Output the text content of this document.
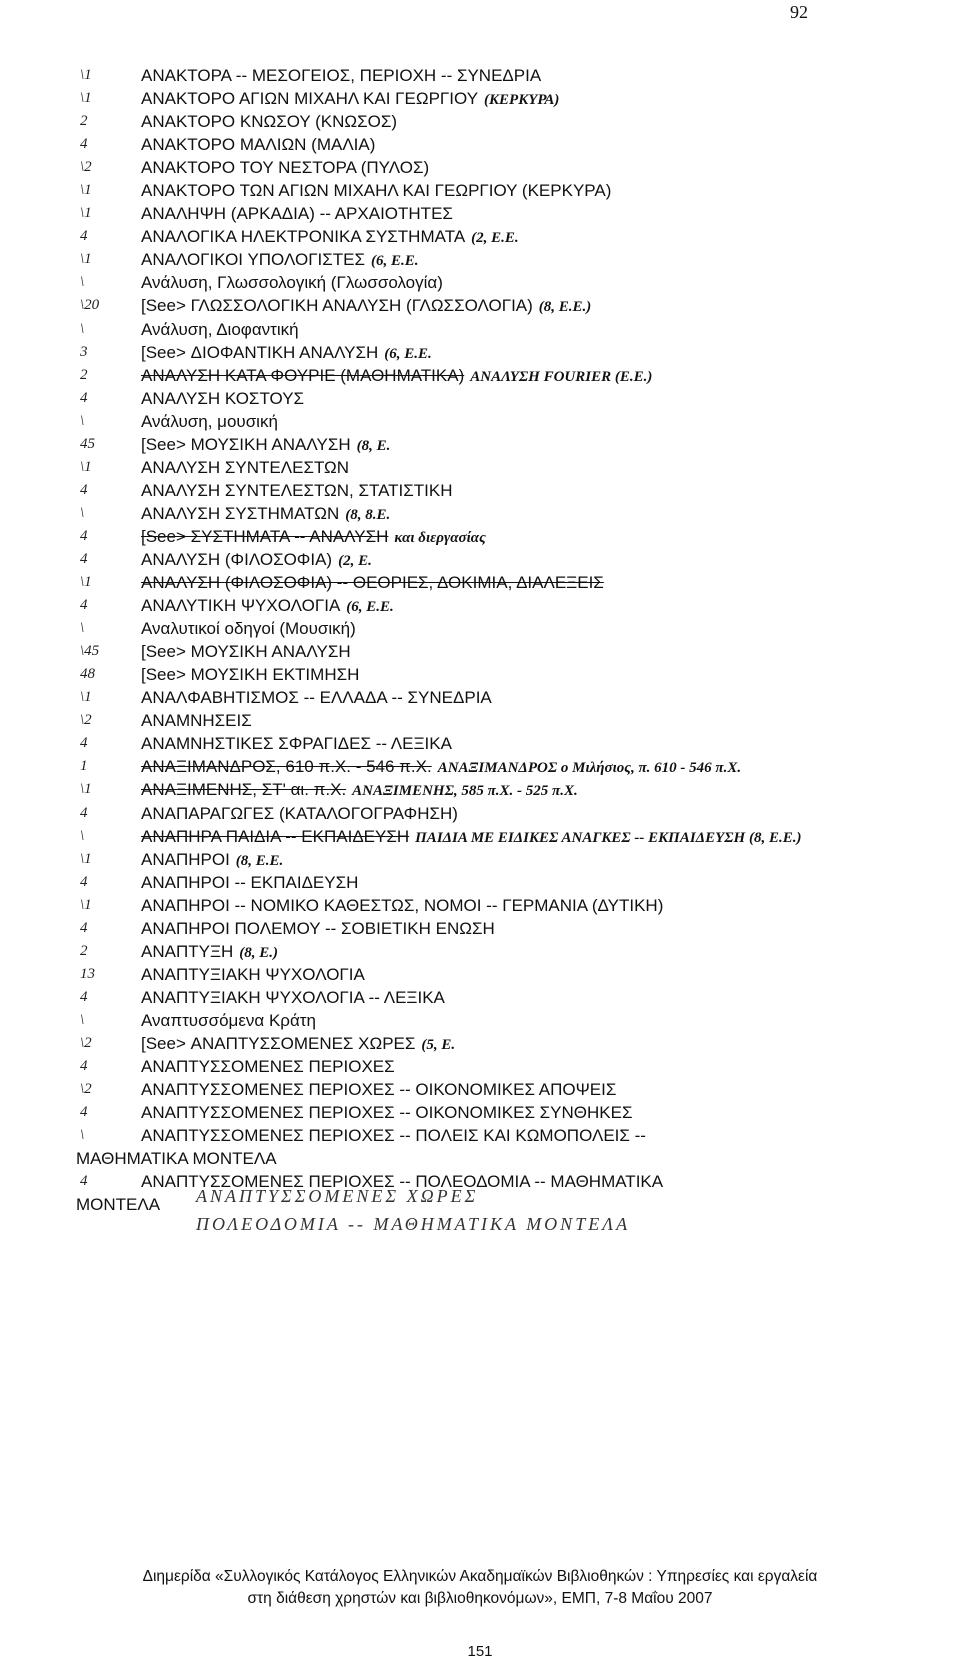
92
\1	ΑΝΑΚΤΟΡΑ -- ΜΕΣΟΓΕΙΟΣ, ΠΕΡΙΟΧΗ -- ΣΥΝΕΔΡΙΑ
\1	ΑΝΑΚΤΟΡΟ ΑΓΙΩΝ ΜΙΧΑΗΛ ΚΑΙ ΓΕΩΡΓΙΟΥ (ΚΕΡΚΥΡΑ)
2	ΑΝΑΚΤΟΡΟ ΚΝΩΣΟΥ (ΚΝΩΣΟΣ)
4	ΑΝΑΚΤΟΡΟ ΜΑΛΙΩΝ (ΜΑΛΙΑ)
\2	ΑΝΑΚΤΟΡΟ ΤΟΥ ΝΕΣΤΟΡΑ (ΠΥΛΟΣ)
\1	ΑΝΑΚΤΟΡΟ ΤΩΝ ΑΓΙΩΝ ΜΙΧΑΗΛ ΚΑΙ ΓΕΩΡΓΙΟΥ (ΚΕΡΚΥΡΑ)
\1	ΑΝΑΛΗΨΗ (ΑΡΚΑΔΙΑ) -- ΑΡΧΑΙΟΤΗΤΕΣ
4	ΑΝΑΛΟΓΙΚΑ ΗΛΕΚΤΡΟΝΙΚΑ ΣΥΣΤΗΜΑΤΑ (2, Ε.Ε.
\1	ΑΝΑΛΟΓΙΚΟΙ ΥΠΟΛΟΓΙΣΤΕΣ (6, Ε.Ε.
\	Ανάλυση, Γλωσσολογική (Γλωσσολογία)
\20	[See> ΓΛΩΣΣΟΛΟΓΙΚΗ ΑΝΑΛΥΣΗ (ΓΛΩΣΣΟΛΟΓΙΑ) (8, Ε.Ε.)
\	Ανάλυση, Διοφαντική
3	[See> ΔΙΟΦΑΝΤΙΚΗ ΑΝΑΛΥΣΗ (6, Ε.Ε.
2	ΑΝΑΛΥΣΗ ΚΑΤΑ ΦΟΥΡΙΕ (ΜΑΘΗΜΑΤΙΚΑ) ΑΝΑΛΥΣΗ FOURIER (Ε.Ε.)
4	ΑΝΑΛΥΣΗ ΚΟΣΤΟΥΣ
\	Ανάλυση, μουσική
45	[See> ΜΟΥΣΙΚΗ ΑΝΑΛΥΣΗ (8, Ε.
\1	ΑΝΑΛΥΣΗ ΣΥΝΤΕΛΕΣΤΩΝ
4	ΑΝΑΛΥΣΗ ΣΥΝΤΕΛΕΣΤΩΝ, ΣΤΑΤΙΣΤΙΚΗ
\	ΑΝΑΛΥΣΗ ΣΥΣΤΗΜΑΤΩΝ (8, 8.Ε.
4	[See> ΣΥΣΤΗΜΑΤΑ -- ΑΝΑΛΥΣΗ και διεργασίας
4	ΑΝΑΛΥΣΗ (ΦΙΛΟΣΟΦΙΑ) (2, Ε.
\1	ΑΝΑΛΥΣΗ (ΦΙΛΟΣΟΦΙΑ) -- ΘΕΟΡΙΕΣ, ΔΟΚΙΜΙΑ, ΔΙΑΛΕΞΕΙΣ
4	ΑΝΑΛΥΤΙΚΗ ΨΥΧΟΛΟΓΙΑ (6, Ε.Ε.
\	Αναλυτικοί οδηγοί (Μουσική)
\45	[See> ΜΟΥΣΙΚΗ ΑΝΑΛΥΣΗ
48	[See> ΜΟΥΣΙΚΗ ΕΚΤΙΜΗΣΗ
\1	ΑΝΑΛΦΑΒΗΤΙΣΜΟΣ -- ΕΛΛΑΔΑ -- ΣΥΝΕΔΡΙΑ
\2	ΑΝΑΜΝΗΣΕΙΣ
4	ΑΝΑΜΝΗΣΤΙΚΕΣ ΣΦΡΑΓΙΔΕΣ -- ΛΕΞΙΚΑ
1	ΑΝΑΞΙΜΑΝΔΡΟΣ, 610 π.Χ. - 546 π.Χ. ΑΝΑΞΙΜΑΝΔΡΟΣ ο Μιλήσιος, π. 610 - 546 π.Χ.
\1	ΑΝΑΞΙΜΕΝΗΣ, ΣΤ' αι. π.Χ. ΑΝΑΞΙΜΕΝΗΣ, 585 π.Χ. - 525 π.Χ.
4	ΑΝΑΠΑΡΑΓΩΓΕΣ (ΚΑΤΑΛΟΓΟΓΡΑΦΗΣΗ)
\	ΑΝΑΠΗΡΑ ΠΑΙΔΙΑ -- ΕΚΠΑΙΔΕΥΣΗ ΠΑΙΔΙΑ ΜΕ ΕΙΔΙΚΕΣ ΑΝΑΓΚΕΣ -- ΕΚΠΑΙΔΕΥΣΗ (8, Ε.Ε.)
\1	ΑΝΑΠΗΡΟΙ (8, Ε.Ε.
4	ΑΝΑΠΗΡΟΙ -- ΕΚΠΑΙΔΕΥΣΗ
\1	ΑΝΑΠΗΡΟΙ -- ΝΟΜΙΚΟ ΚΑΘΕΣΤΩΣ, ΝΟΜΟΙ -- ΓΕΡΜΑΝΙΑ (ΔΥΤΙΚΗ)
4	ΑΝΑΠΗΡΟΙ ΠΟΛΕΜΟΥ -- ΣΟΒΙΕΤΙΚΗ ΕΝΩΣΗ
2	ΑΝΑΠΤΥΞΗ (8, Ε.)
13	ΑΝΑΠΤΥΞΙΑΚΗ ΨΥΧΟΛΟΓΙΑ
4	ΑΝΑΠΤΥΞΙΑΚΗ ΨΥΧΟΛΟΓΙΑ -- ΛΕΞΙΚΑ
\	Αναπτυσσόμενα Κράτη
\2	[See> ΑΝΑΠΤΥΣΣΟΜΕΝΕΣ ΧΩΡΕΣ (5, Ε.
4	ΑΝΑΠΤΥΣΣΟΜΕΝΕΣ ΠΕΡΙΟΧΕΣ
\2	ΑΝΑΠΤΥΣΣΟΜΕΝΕΣ ΠΕΡΙΟΧΕΣ -- ΟΙΚΟΝΟΜΙΚΕΣ ΑΠΟΨΕΙΣ
4	ΑΝΑΠΤΥΣΣΟΜΕΝΕΣ ΠΕΡΙΟΧΕΣ -- ΟΙΚΟΝΟΜΙΚΕΣ ΣΥΝΘΗΚΕΣ
\	ΑΝΑΠΤΥΣΣΟΜΕΝΕΣ ΠΕΡΙΟΧΕΣ -- ΠΟΛΕΙΣ ΚΑΙ ΚΩΜΟΠΟΛΕΙΣ --
ΜΑΘΗΜΑΤΙΚΑ ΜΟΝΤΕΛΑ
4	ΑΝΑΠΤΥΣΣΟΜΕΝΕΣ ΠΕΡΙΟΧΕΣ -- ΠΟΛΕΟΔΟΜΙΑ -- ΜΑΘΗΜΑΤΙΚΑ
ΜΟΝΤΕΛΑ ΑΝΑΠΤΥΣΣΟΜΕΝΕΣ ΧΩΡΕΣ
ΠΟΛΕΟΔΟΜΙΑ -- ΜΑΘΗΜΑΤΙΚΑ ΜΟΝΤΕΛΑ
Διημερίδα «Συλλογικός Κατάλογος Ελληνικών Ακαδημαϊκών Βιβλιοθηκών : Υπηρεσίες και εργαλεία
στη διάθεση χρηστών και βιβλιοθηκονόμων», ΕΜΠ, 7-8 Μαΐου 2007
151
